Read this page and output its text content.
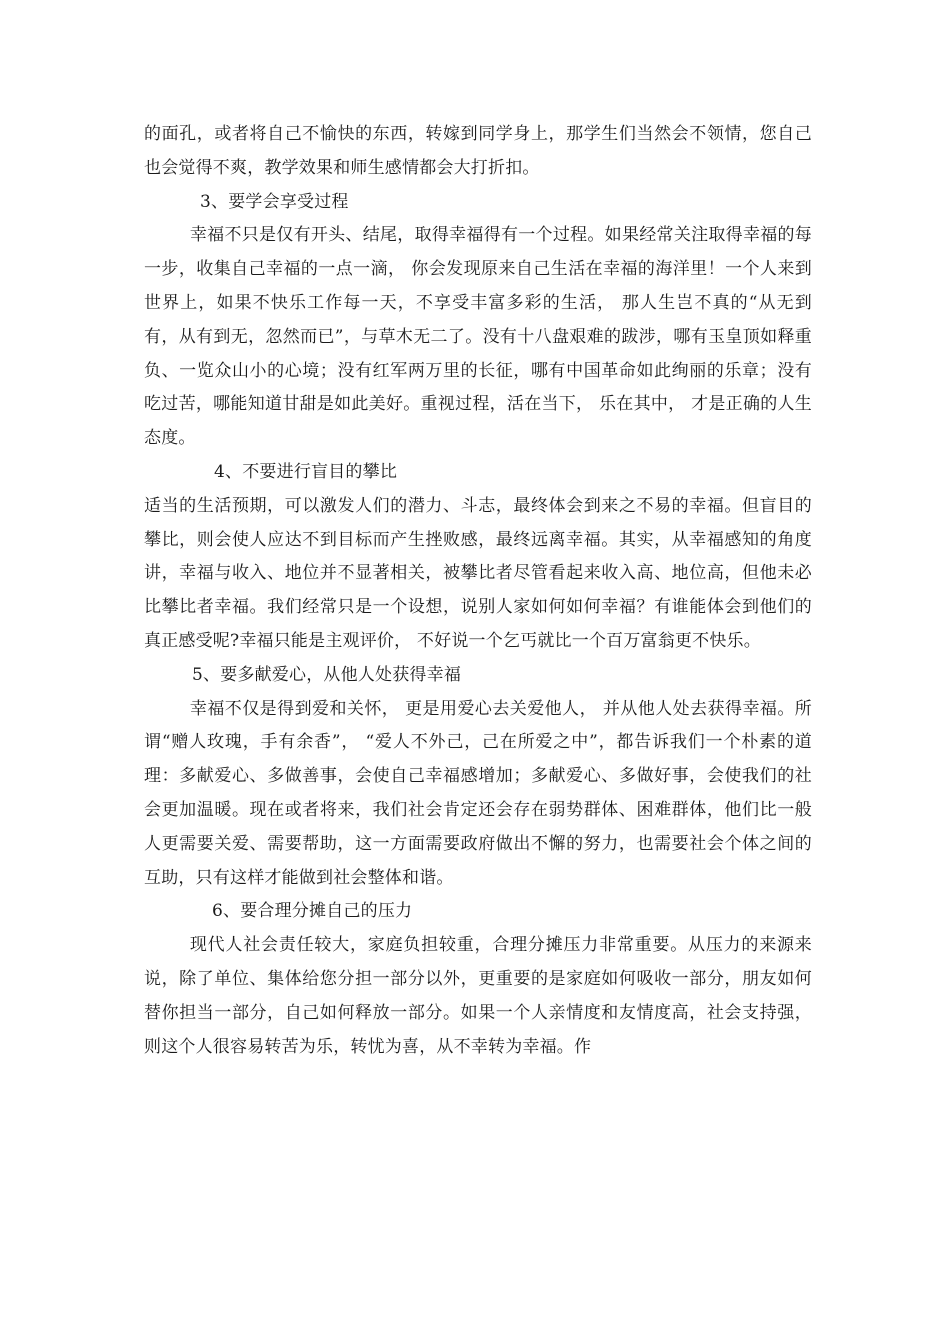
的面孔，或者将自己不愉快的东西，转嫁到同学身上，那学生们当然会不领情，您自己也会觉得不爽，教学效果和师生感情都会大打折扣。

3、要学会享受过程

幸福不只是仅有开头、结尾，取得幸福得有一个过程。如果经常关注取得幸福的每一步，收集自己幸福的一点一滴， 你会发现原来自己生活在幸福的海洋里！一个人来到世界上，如果不快乐工作每一天，不享受丰富多彩的生活， 那人生岂不真的“从无到有，从有到无，忽然而已”，与草木无二了。没有十八盘艰难的跋涉，哪有玉皇顶如释重负、一览众山小的心境；没有红军两万里的长征，哪有中国革命如此绚丽的乐章；没有吃过苦，哪能知道甘甜是如此美好。重视过程，活在当下， 乐在其中， 才是正确的人生态度。

4、不要进行盲目的攀比

适当的生活预期，可以激发人们的潜力、斗志，最终体会到来之不易的幸福。但盲目的攀比，则会使人应达不到目标而产生挫败感，最终远离幸福。其实，从幸福感知的角度讲，幸福与收入、地位并不显著相关，被攀比者尽管看起来收入高、地位高，但他未必比攀比者幸福。我们经常只是一个设想，说别人家如何如何幸福？有谁能体会到他们的真正感受呢?幸福只能是主观评价， 不好说一个乞丐就比一个百万富翁更不快乐。

5、要多献爱心，从他人处获得幸福

幸福不仅是得到爱和关怀， 更是用爱心去关爱他人， 并从他人处去获得幸福。所谓“赠人玫瑰，手有余香”， “爱人不外己，己在所爱之中”，都告诉我们一个朴素的道理：多献爱心、多做善事，会使自己幸福感增加；多献爱心、多做好事，会使我们的社会更加温暖。现在或者将来，我们社会肯定还会存在弱势群体、困难群体，他们比一般人更需要关爱、需要帮助，这一方面需要政府做出不懈的努力，也需要社会个体之间的互助，只有这样才能做到社会整体和谐。

6、要合理分摊自己的压力

现代人社会责任较大，家庭负担较重，合理分摊压力非常重要。从压力的来源来说，除了单位、集体给您分担一部分以外，更重要的是家庭如何吸收一部分，朋友如何替你担当一部分，自己如何释放一部分。如果一个人亲情度和友情度高，社会支持强，则这个人很容易转苦为乐，转忧为喜，从不幸转为幸福。作
